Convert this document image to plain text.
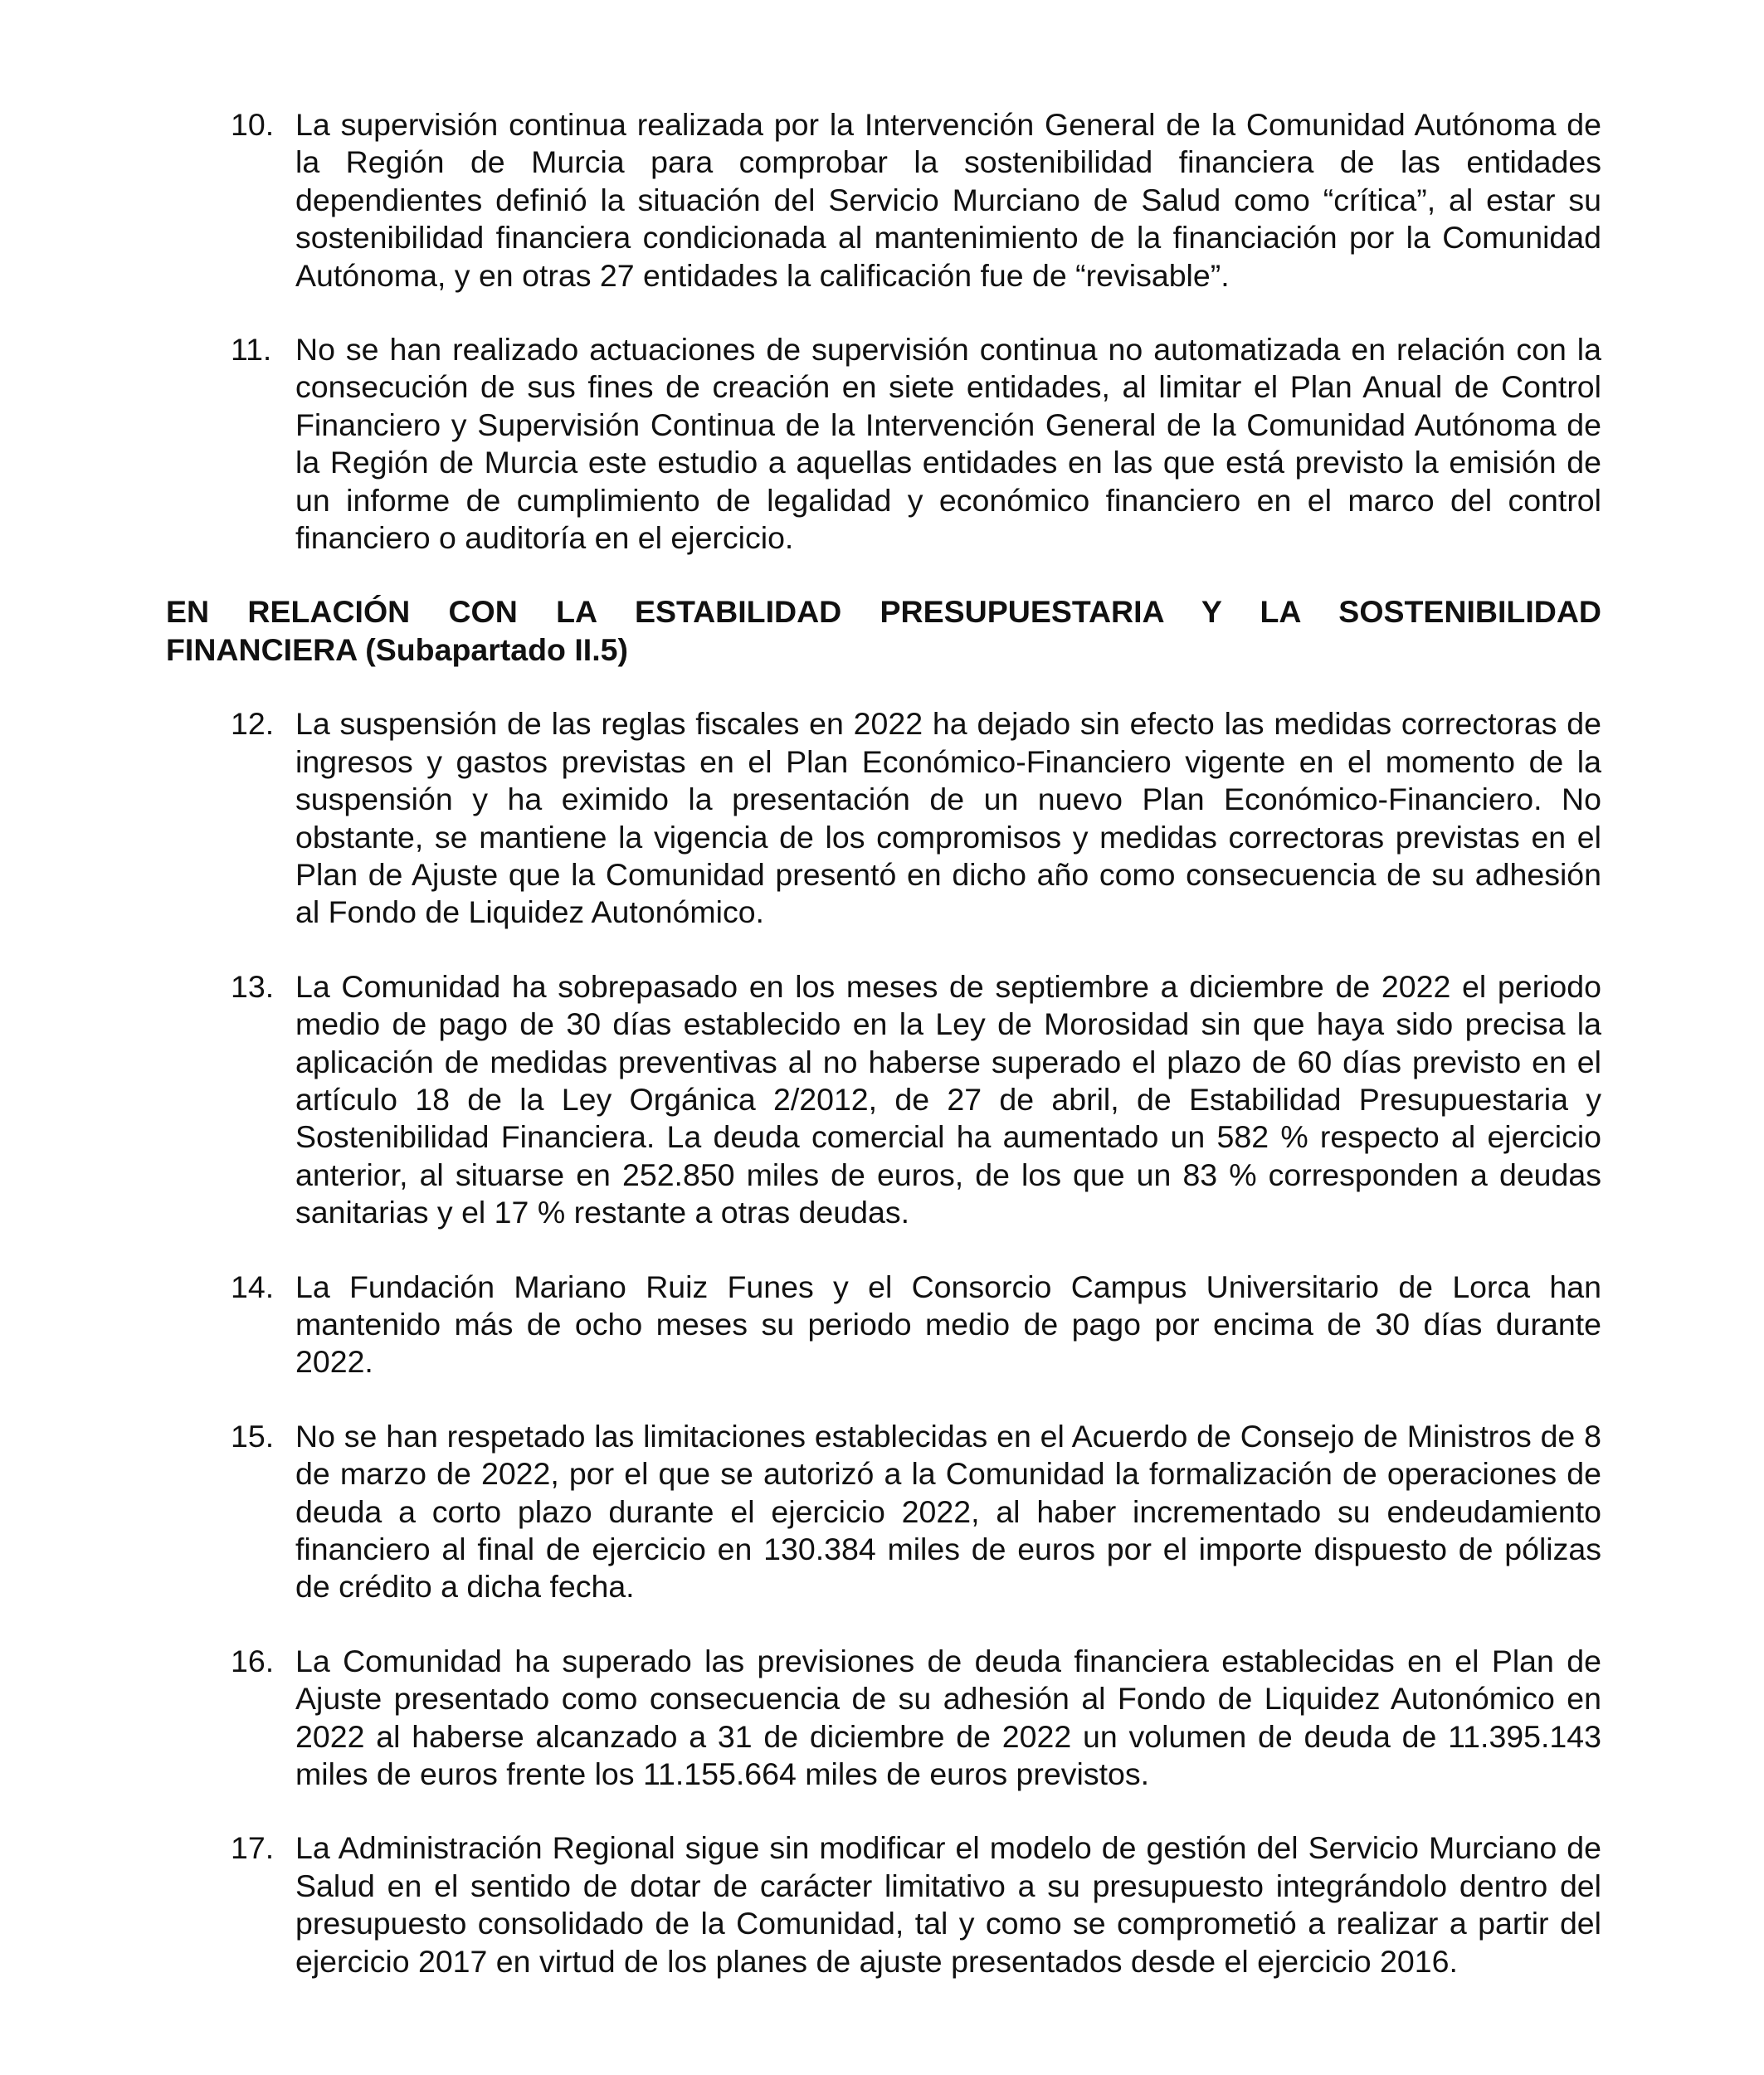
10. La supervisión continua realizada por la Intervención General de la Comunidad Autónoma de la Región de Murcia para comprobar la sostenibilidad financiera de las entidades dependientes definió la situación del Servicio Murciano de Salud como “crítica”, al estar su sostenibilidad financiera condicionada al mantenimiento de la financiación por la Comunidad Autónoma, y en otras 27 entidades la calificación fue de “revisable”.
11. No se han realizado actuaciones de supervisión continua no automatizada en relación con la consecución de sus fines de creación en siete entidades, al limitar el Plan Anual de Control Financiero y Supervisión Continua de la Intervención General de la Comunidad Autónoma de la Región de Murcia este estudio a aquellas entidades en las que está previsto la emisión de un informe de cumplimiento de legalidad y económico financiero en el marco del control financiero o auditoría en el ejercicio.
EN RELACIÓN CON LA ESTABILIDAD PRESUPUESTARIA Y LA SOSTENIBILIDAD
FINANCIERA (Subapartado II.5)
12. La suspensión de las reglas fiscales en 2022 ha dejado sin efecto las medidas correctoras de ingresos y gastos previstas en el Plan Económico-Financiero vigente en el momento de la suspensión y ha eximido la presentación de un nuevo Plan Económico-Financiero. No obstante, se mantiene la vigencia de los compromisos y medidas correctoras previstas en el Plan de Ajuste que la Comunidad presentó en dicho año como consecuencia de su adhesión al Fondo de Liquidez Autonómico.
13. La Comunidad ha sobrepasado en los meses de septiembre a diciembre de 2022 el periodo medio de pago de 30 días establecido en la Ley de Morosidad sin que haya sido precisa la aplicación de medidas preventivas al no haberse superado el plazo de 60 días previsto en el artículo 18 de la Ley Orgánica 2/2012, de 27 de abril, de Estabilidad Presupuestaria y Sostenibilidad Financiera. La deuda comercial ha aumentado un 582 % respecto al ejercicio anterior, al situarse en 252.850 miles de euros, de los que un 83 % corresponden a deudas sanitarias y el 17 % restante a otras deudas.
14. La Fundación Mariano Ruiz Funes y el Consorcio Campus Universitario de Lorca han mantenido más de ocho meses su periodo medio de pago por encima de 30 días durante 2022.
15. No se han respetado las limitaciones establecidas en el Acuerdo de Consejo de Ministros de 8 de marzo de 2022, por el que se autorizó a la Comunidad la formalización de operaciones de deuda a corto plazo durante el ejercicio 2022, al haber incrementado su endeudamiento financiero al final de ejercicio en 130.384 miles de euros por el importe dispuesto de pólizas de crédito a dicha fecha.
16. La Comunidad ha superado las previsiones de deuda financiera establecidas en el Plan de Ajuste presentado como consecuencia de su adhesión al Fondo de Liquidez Autonómico en 2022 al haberse alcanzado a 31 de diciembre de 2022 un volumen de deuda de 11.395.143 miles de euros frente los 11.155.664 miles de euros previstos.
17. La Administración Regional sigue sin modificar el modelo de gestión del Servicio Murciano de Salud en el sentido de dotar de carácter limitativo a su presupuesto integrándolo dentro del presupuesto consolidado de la Comunidad, tal y como se comprometió a realizar a partir del ejercicio 2017 en virtud de los planes de ajuste presentados desde el ejercicio 2016.
